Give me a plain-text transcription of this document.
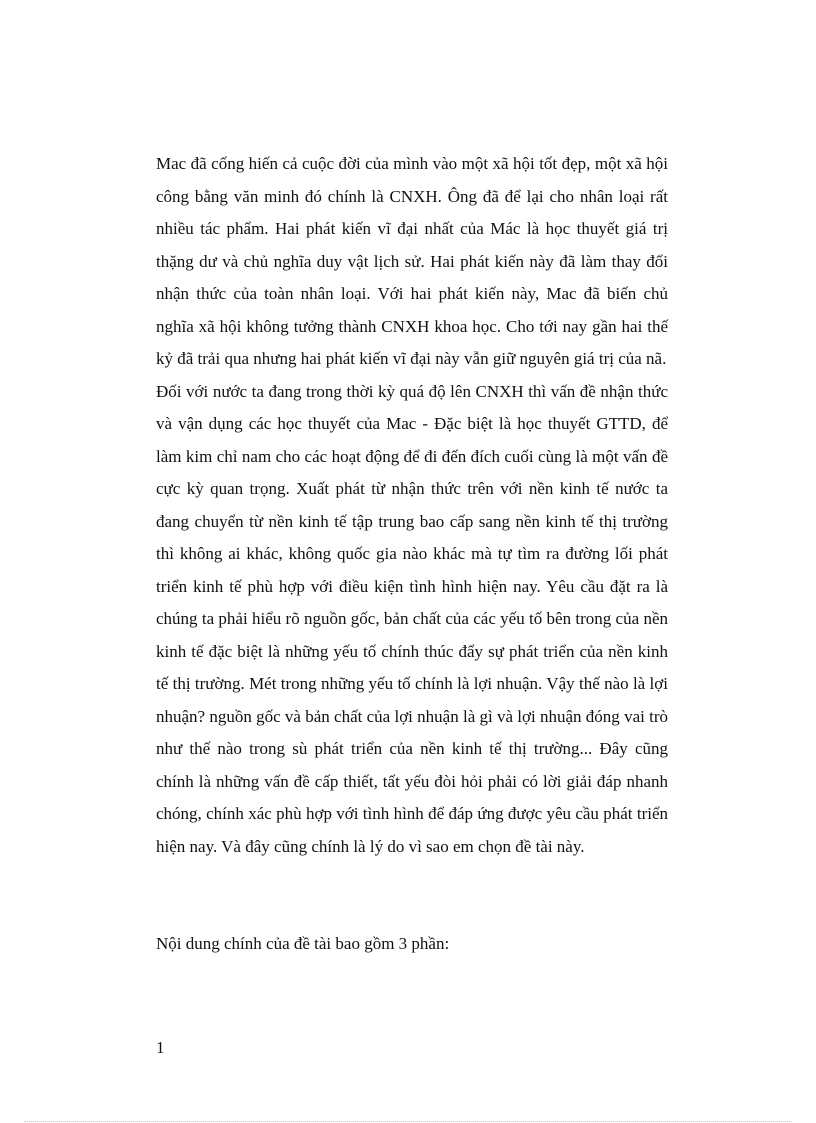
Mac đã cống hiến cả cuộc đời của mình vào một xã hội tốt đẹp, một xã hội công bằng văn minh đó chính là CNXH. Ông đã để lại cho nhân loại rất nhiều tác phẩm. Hai phát kiến vĩ đại nhất của Mác là học thuyết giá trị thặng dư và chủ nghĩa duy vật lịch sử. Hai phát kiến này đã làm thay đổi nhận thức của toàn nhân loại. Với hai phát kiến này, Mac đã biến chủ nghĩa xã hội không tưởng thành CNXH khoa học. Cho tới nay gần hai thế kỷ đã trải qua nhưng hai phát kiến vĩ đại này vẫn giữ nguyên giá trị của nã.

Đối với nước ta đang trong thời kỳ quá độ lên CNXH thì vấn đề nhận thức và vận dụng các học thuyết của Mac - Đặc biệt là học thuyết GTTD, để làm kim chỉ nam cho các hoạt động để đi đến đích cuối cùng là một vấn đề cực kỳ quan trọng. Xuất phát từ nhận thức trên với nền kinh tế nước ta đang chuyển từ nền kinh tế tập trung bao cấp sang nền kinh tế thị trường thì không ai khác, không quốc gia nào khác mà tự tìm ra đường lối phát triển kinh tế phù hợp với điều kiện tình hình hiện nay. Yêu cầu đặt ra là chúng ta phải hiểu rõ nguồn gốc, bản chất của các yếu tố bên trong của nền kinh tế đặc biệt là những yếu tố chính thúc đẩy sự phát triển của nền kinh tế thị trường. Mét trong những yếu tố chính là lợi nhuận. Vậy thế nào là lợi nhuận? nguồn gốc và bản chất của lợi nhuận là gì và lợi nhuận đóng vai trò như thế nào trong sù phát triển của nền kinh tế thị trường... Đây cũng chính là những vấn đề cấp thiết, tất yếu đòi hỏi phải có lời giải đáp nhanh chóng, chính xác phù hợp với tình hình để đáp ứng được yêu cầu phát triển hiện nay. Và đây cũng chính là lý do vì sao em chọn đề tài này.

Nội dung chính của đề tài bao gồm 3 phần:
1
